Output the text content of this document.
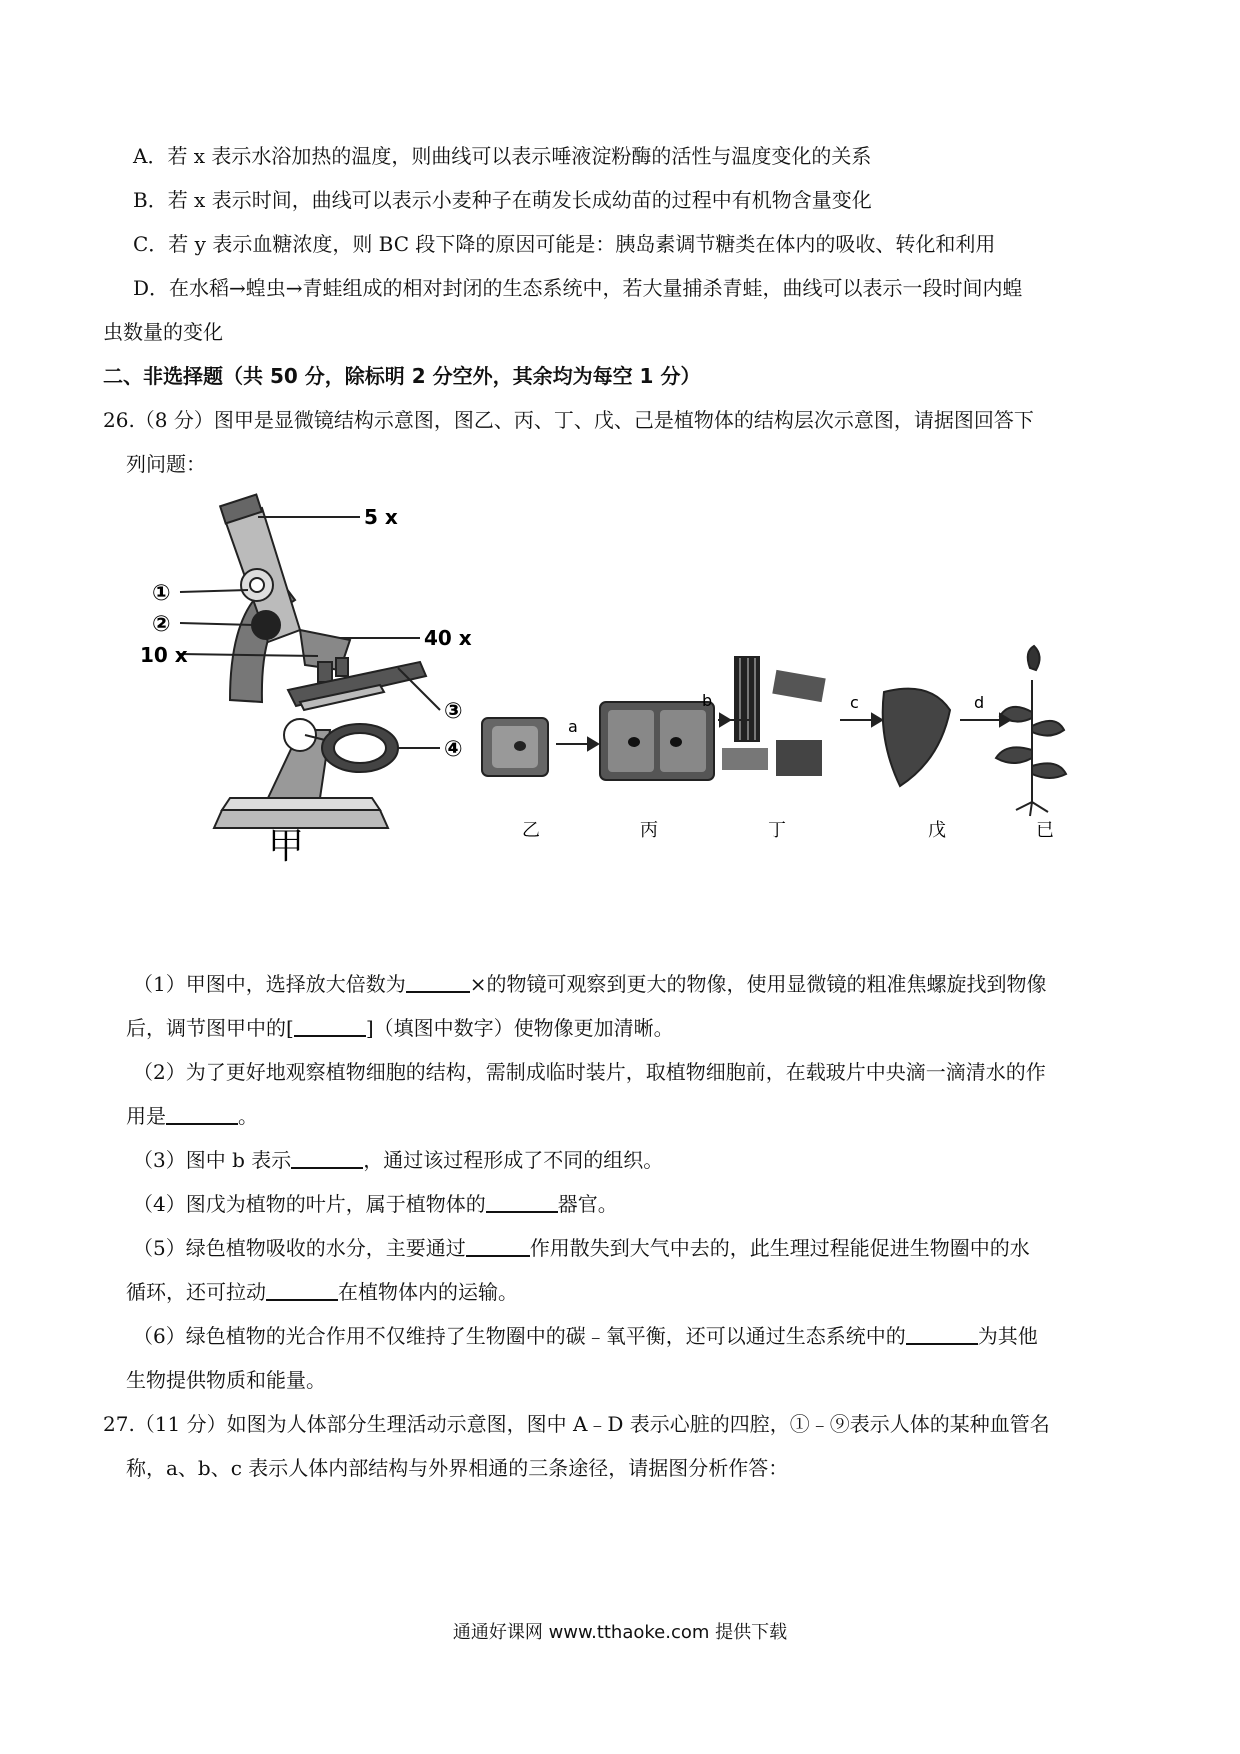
A．若 x 表示水浴加热的温度，则曲线可以表示唾液淀粉酶的活性与温度变化的关系
B．若 x 表示时间，曲线可以表示小麦种子在萌发长成幼苗的过程中有机物含量变化
C．若 y 表示血糖浓度，则 BC 段下降的原因可能是：胰岛素调节糖类在体内的吸收、转化和利用
D．在水稻→蝗虫→青蛙组成的相对封闭的生态系统中，若大量捕杀青蛙，曲线可以表示一段时间内蝗
虫数量的变化
二、非选择题（共 50 分，除标明 2 分空外，其余均为每空 1 分）
26.（8 分）图甲是显微镜结构示意图，图乙、丙、丁、戊、己是植物体的结构层次示意图，请据图回答下
列问题：
5 x
①
②
10 x
40 x
③
④
甲
a
b	c	d
乙	丙	丁	戊	已
（1）甲图中，选择放大倍数为	×的物镜可观察到更大的物像，使用显微镜的粗准焦螺旋找到物像
后，调节图甲中的[	]（填图中数字）使物像更加清晰。
（2）为了更好地观察植物细胞的结构，需制成临时装片，取植物细胞前，在载玻片中央滴一滴清水的作
用是	。
（3）图中 b 表示	，通过该过程形成了不同的组织。
（4）图戊为植物的叶片，属于植物体的	器官。
（5）绿色植物吸收的水分，主要通过	作用散失到大气中去的，此生理过程能促进生物圈中的水
循环，还可拉动	在植物体内的运输。
（6）绿色植物的光合作用不仅维持了生物圈中的碳﹣氧平衡，还可以通过生态系统中的	为其他
生物提供物质和能量。
27.（11 分）如图为人体部分生理活动示意图，图中 A﹣D 表示心脏的四腔，①﹣⑨表示人体的某种血管名
称，a、b、c 表示人体内部结构与外界相通的三条途径，请据图分析作答：
通通好课网 www.tthaoke.com 提供下载
